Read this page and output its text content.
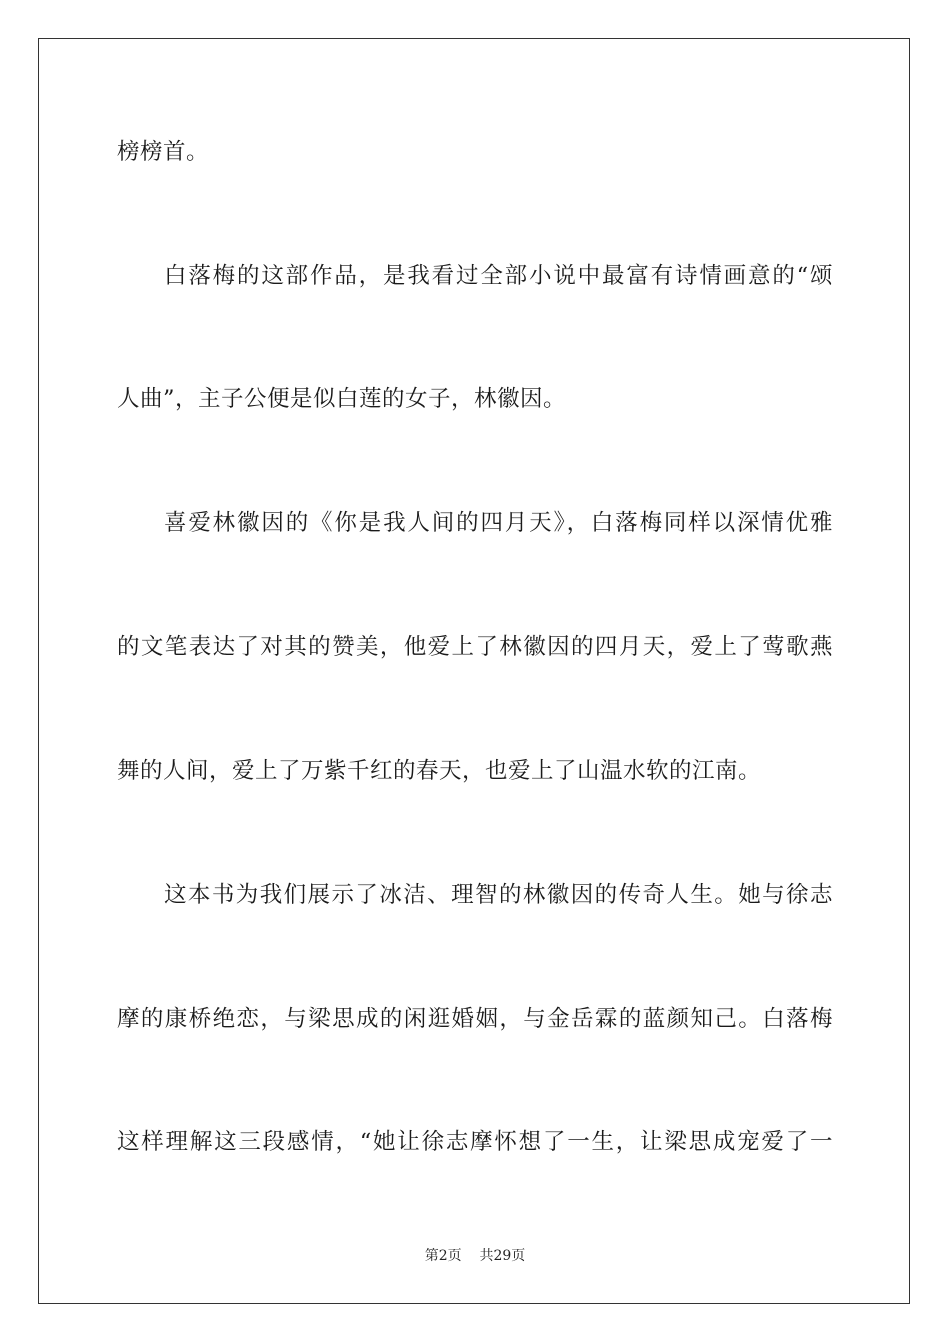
榜榜首。
白落梅的这部作品，是我看过全部小说中最富有诗情画意的“颂
人曲”，主子公便是似白莲的女子，林徽因。
喜爱林徽因的《你是我人间的四月天》，白落梅同样以深情优雅
的文笔表达了对其的赞美，他爱上了林徽因的四月天，爱上了莺歌燕
舞的人间，爱上了万紫千红的春天，也爱上了山温水软的江南。
这本书为我们展示了冰洁、理智的林徽因的传奇人生。她与徐志
摩的康桥绝恋，与梁思成的闲逛婚姻，与金岳霖的蓝颜知己。白落梅
这样理解这三段感情，“她让徐志摩怀想了一生，让梁思成宠爱了一
第2页 共29页
